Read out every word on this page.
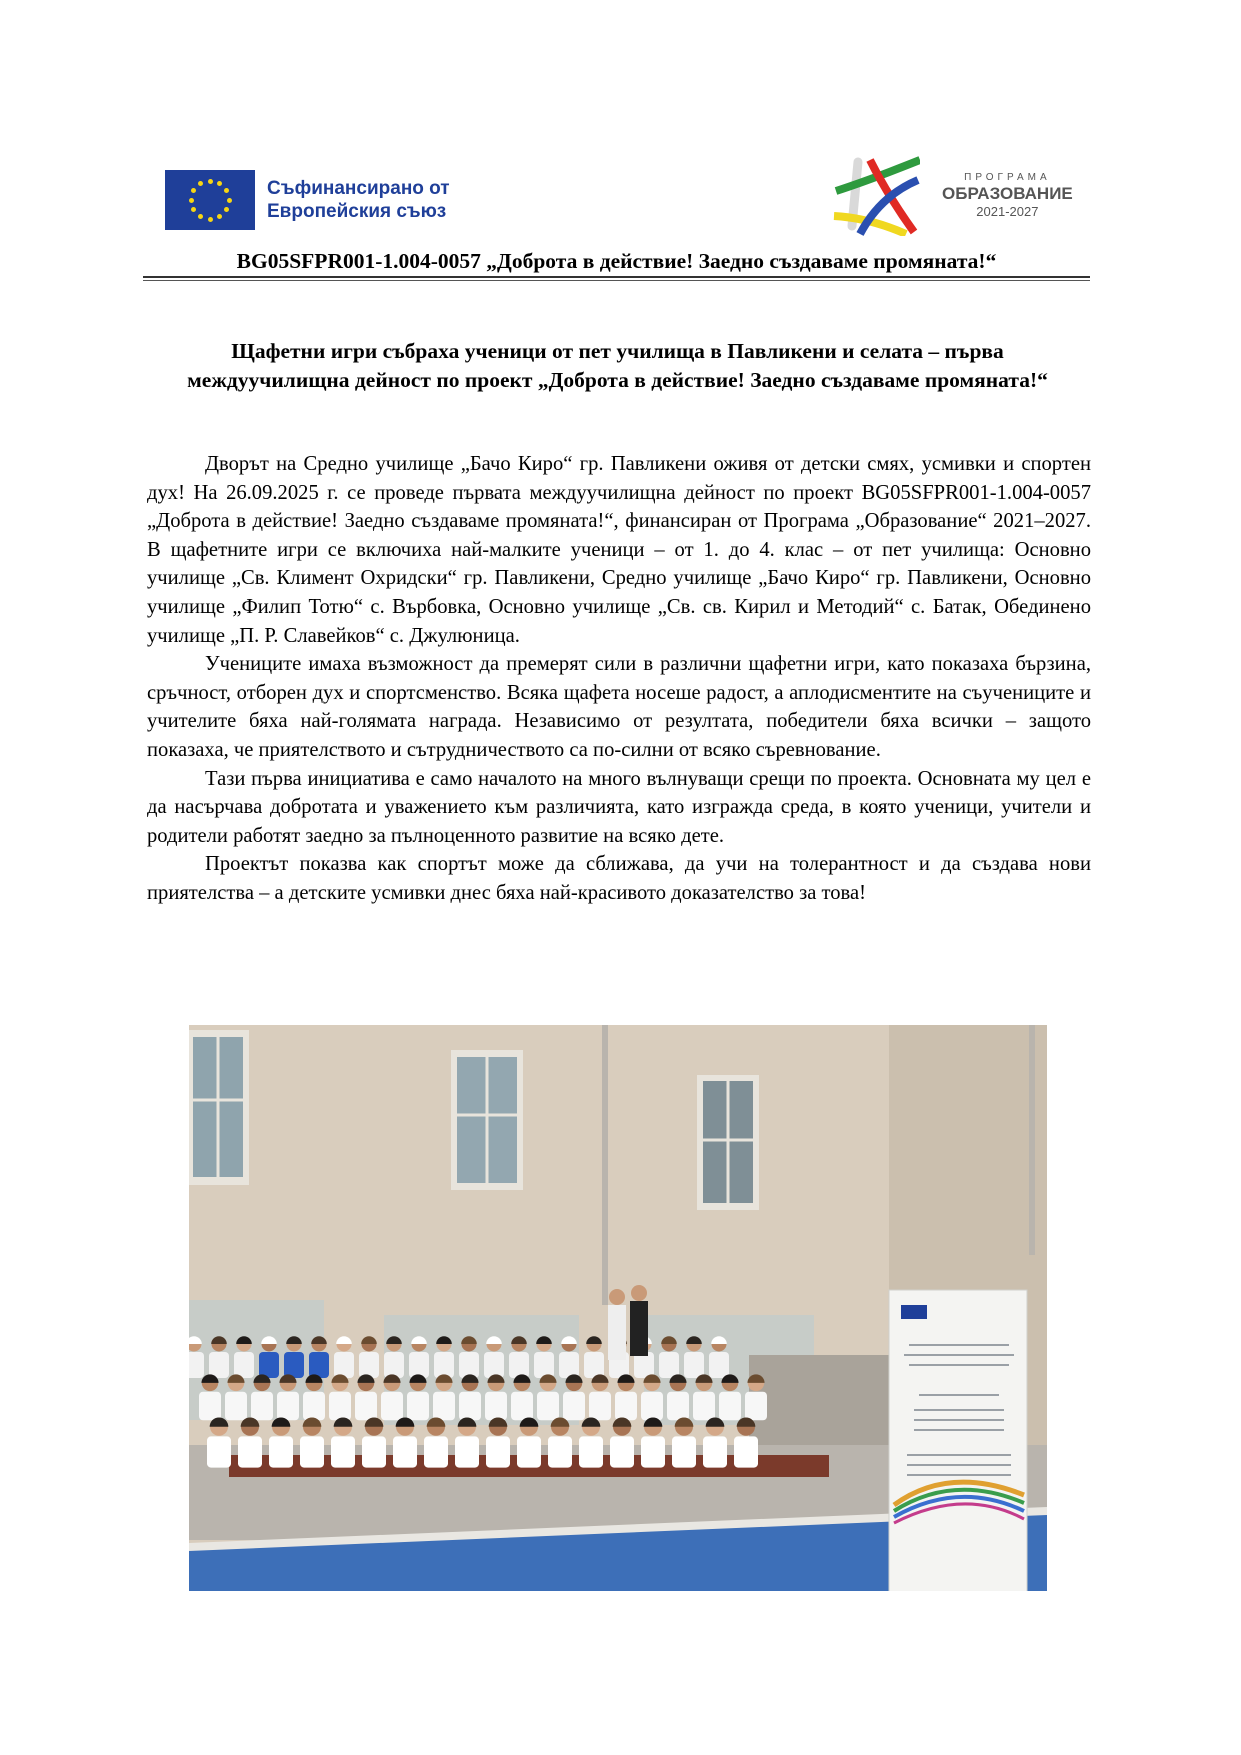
Съфинансирано от
Европейския съюз
ПРОГРАМА
ОБРАЗОВАНИЕ
2021-2027
BG05SFPR001-1.004-0057 „Доброта в действие! Заедно създаваме промяната!“
Щафетни игри събраха ученици от пет училища в Павликени и селата – първа междуучилищна дейност по проект „Доброта в действие! Заедно създаваме промяната!“

Дворът на Средно училище „Бачо Киро“ гр. Павликени оживя от детски смях, усмивки и спортен дух! На 26.09.2025 г. се проведе първата междуучилищна дейност по проект BG05SFPR001-1.004-0057 „Доброта в действие! Заедно създаваме промяната!“, финансиран от Програма „Образование“ 2021–2027. В щафетните игри се включиха най-малките ученици – от 1. до 4. клас – от пет училища: Основно училище „Св. Климент Охридски“ гр. Павликени, Средно училище „Бачо Киро“ гр. Павликени, Основно училище „Филип Тотю“ с. Върбовка, Основно училище „Св. св. Кирил и Методий“ с. Батак, Обединено училище „П. Р. Славейков“ с. Джулюница.

Учениците имаха възможност да премерят сили в различни щафетни игри, като показаха бързина, сръчност, отборен дух и спортсменство. Всяка щафета носеше радост, а аплодисментите на съучениците и учителите бяха най-голямата награда. Независимо от резултата, победители бяха всички – защото показаха, че приятелството и сътрудничеството са по-силни от всяко съревнование.

Тази първа инициатива е само началото на много вълнуващи срещи по проекта. Основната му цел е да насърчава добротата и уважението към различията, като изгражда среда, в която ученици, учители и родители работят заедно за пълноценното развитие на всяко дете.

Проектът показва как спортът може да сближава, да учи на толерантност и да създава нови приятелства – а детските усмивки днес бяха най-красивото доказателство за това!
